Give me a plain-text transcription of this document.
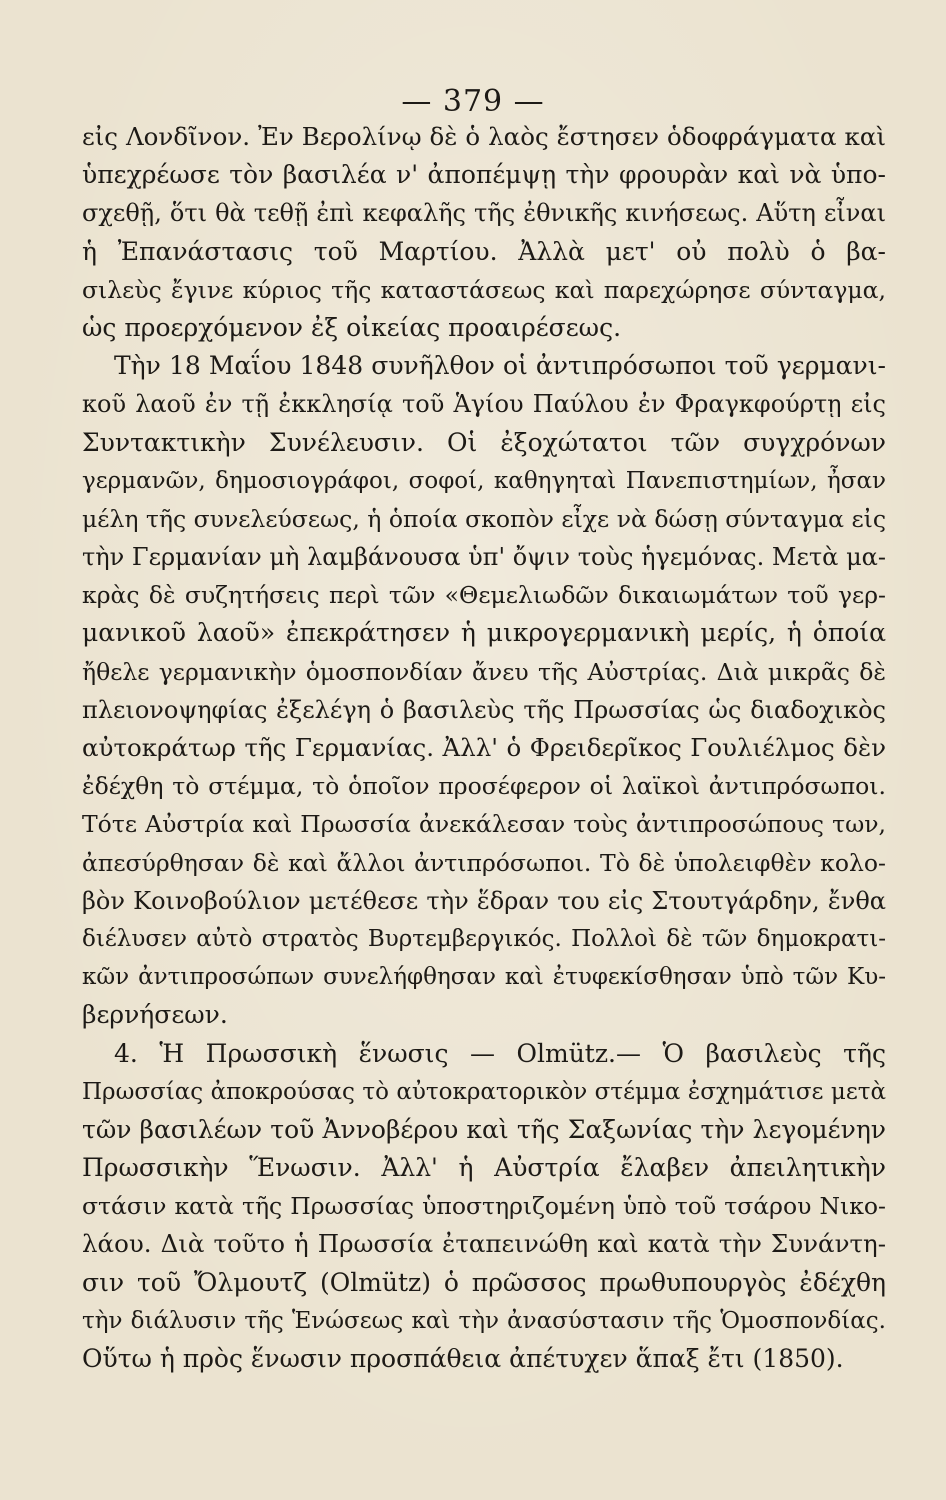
— 379 —
εἰς Λονδῖνον. Ἐν Βερολίνῳ δὲ ὁ λαὸς ἔστησεν ὁδοφράγματα καὶ
ὑπεχρέωσε τὸν βασιλέα ν' ἀποπέμψῃ τὴν φρουρὰν καὶ νὰ ὑπο-
σχεθῇ, ὅτι θὰ τεθῇ ἐπὶ κεφαλῆς τῆς ἐθνικῆς κινήσεως. Αὕτη εἶναι
ἡ Ἐπανάστασις τοῦ Μαρτίου. Ἀλλὰ μετ' οὐ πολὺ ὁ βα-
σιλεὺς ἔγινε κύριος τῆς καταστάσεως καὶ παρεχώρησε σύνταγμα,
ὡς προερχόμενον ἐξ οἰκείας προαιρέσεως.
Τὴν 18 Μαΐου 1848 συνῆλθον οἱ ἀντιπρόσωποι τοῦ γερμανι-
κοῦ λαοῦ ἐν τῇ ἐκκλησίᾳ τοῦ Ἁγίου Παύλου ἐν Φραγκφούρτῃ εἰς
Συντακτικὴν Συνέλευσιν. Οἱ ἐξοχώτατοι τῶν συγχρόνων
γερμανῶν, δημοσιογράφοι, σοφοί, καθηγηταὶ Πανεπιστημίων, ἦσαν
μέλη τῆς συνελεύσεως, ἡ ὁποία σκοπὸν εἶχε νὰ δώσῃ σύνταγμα εἰς
τὴν Γερμανίαν μὴ λαμβάνουσα ὑπ' ὄψιν τοὺς ἡγεμόνας. Μετὰ μα-
κρὰς δὲ συζητήσεις περὶ τῶν «Θεμελιωδῶν δικαιωμάτων τοῦ γερ-
μανικοῦ λαοῦ» ἐπεκράτησεν ἡ μικρογερμανικὴ μερίς, ἡ ὁποία
ἤθελε γερμανικὴν ὁμοσπονδίαν ἄνευ τῆς Αὐστρίας. Διὰ μικρᾶς δὲ
πλειονοψηφίας ἐξελέγη ὁ βασιλεὺς τῆς Πρωσσίας ὡς διαδοχικὸς
αὐτοκράτωρ τῆς Γερμανίας. Ἀλλ' ὁ Φρειδερῖκος Γουλιέλμος δὲν
ἐδέχθη τὸ στέμμα, τὸ ὁποῖον προσέφερον οἱ λαϊκοὶ ἀντιπρόσωποι.
Τότε Αὐστρία καὶ Πρωσσία ἀνεκάλεσαν τοὺς ἀντιπροσώπους των,
ἀπεσύρθησαν δὲ καὶ ἄλλοι ἀντιπρόσωποι. Τὸ δὲ ὑπολειφθὲν κολο-
βὸν Κοινοβούλιον μετέθεσε τὴν ἕδραν του εἰς Στουτγάρδην, ἔνθα
διέλυσεν αὐτὸ στρατὸς Βυρτεμβεργικός. Πολλοὶ δὲ τῶν δημοκρατι-
κῶν ἀντιπροσώπων συνελήφθησαν καὶ ἐτυφεκίσθησαν ὑπὸ τῶν Κυ-
βερνήσεων.
4. Ἡ Πρωσσικὴ ἕνωσις — Olmütz.— Ὁ βασιλεὺς τῆς
Πρωσσίας ἀποκρούσας τὸ αὐτοκρατορικὸν στέμμα ἐσχημάτισε μετὰ
τῶν βασιλέων τοῦ Ἀννοβέρου καὶ τῆς Σαξωνίας τὴν λεγομένην
Πρωσσικὴν Ἕνωσιν. Ἀλλ' ἡ Αὐστρία ἔλαβεν ἀπειλητικὴν
στάσιν κατὰ τῆς Πρωσσίας ὑποστηριζομένη ὑπὸ τοῦ τσάρου Νικο-
λάου. Διὰ τοῦτο ἡ Πρωσσία ἐταπεινώθη καὶ κατὰ τὴν Συνάντη-
σιν τοῦ Ὄλμουτζ (Olmütz) ὁ πρῶσσος πρωθυπουργὸς ἐδέχθη
τὴν διάλυσιν τῆς Ἑνώσεως καὶ τὴν ἀνασύστασιν τῆς Ὁμοσπονδίας.
Οὕτω ἡ πρὸς ἕνωσιν προσπάθεια ἀπέτυχεν ἅπαξ ἔτι (1850).
